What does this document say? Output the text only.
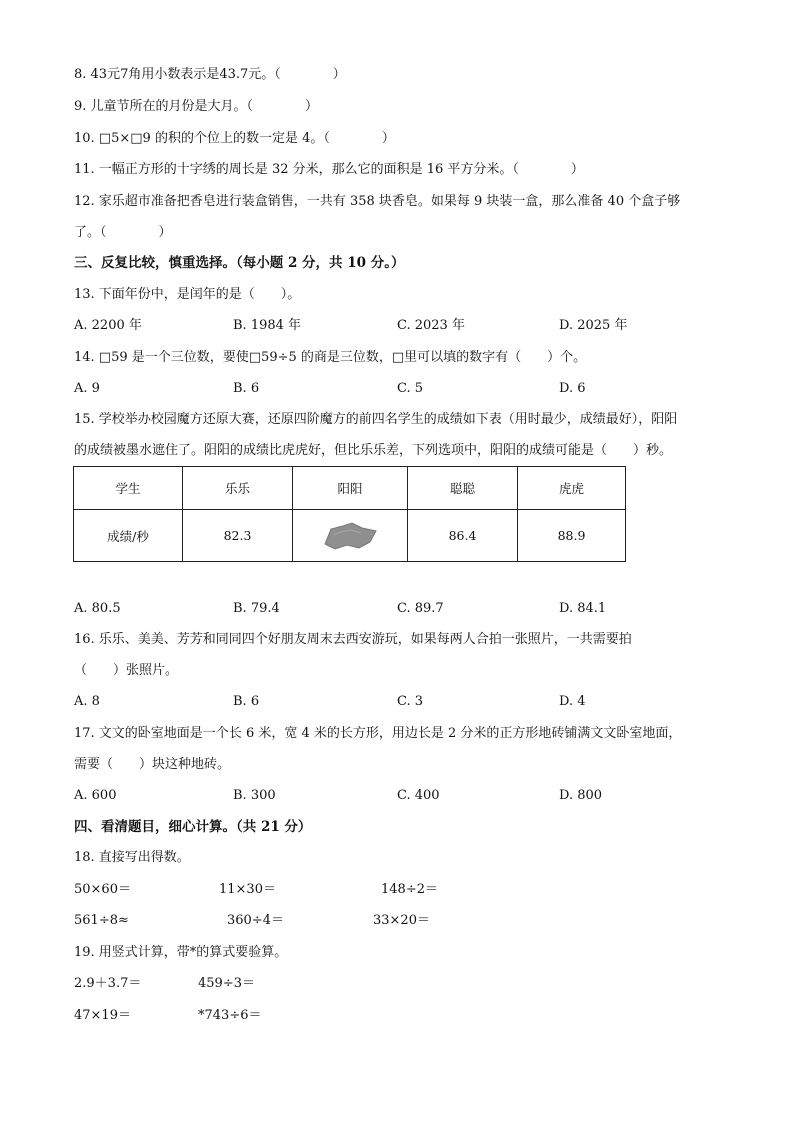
8. 43元7角用小数表示是43.7元。（　　　　）
9. 儿童节所在的月份是大月。（　　　　）
10. □5×□9 的积的个位上的数一定是 4。（　　　　）
11. 一幅正方形的十字绣的周长是 32 分米，那么它的面积是 16 平方分米。（　　　　）
12. 家乐超市准备把香皂进行装盒销售，一共有 358 块香皂。如果每 9 块装一盒，那么准备 40 个盒子够
了。（　　　　）
三、反复比较，慎重选择。（每小题 2 分，共 10 分。）
13. 下面年份中，是闰年的是（　　）。
A. 2200 年	B. 1984 年	C. 2023 年	D. 2025 年
14. □59 是一个三位数，要使□59÷5 的商是三位数，□里可以填的数字有（　　）个。
A. 9	B. 6	C. 5	D. 6
15. 学校举办校园魔方还原大赛，还原四阶魔方的前四名学生的成绩如下表（用时最少，成绩最好），阳阳
的成绩被墨水遮住了。阳阳的成绩比虎虎好，但比乐乐差，下列选项中，阳阳的成绩可能是（　　）秒。
学生	乐乐	阳阳	聪聪	虎虎
成绩/秒	82.3		86.4	88.9
A. 80.5	B. 79.4	C. 89.7	D. 84.1
16. 乐乐、美美、芳芳和同同四个好朋友周末去西安游玩，如果每两人合拍一张照片，一共需要拍
（　　）张照片。
A. 8	B. 6	C. 3	D. 4
17. 文文的卧室地面是一个长 6 米，宽 4 米的长方形，用边长是 2 分米的正方形地砖铺满文文卧室地面，
需要（　　）块这种地砖。
A. 600	B. 300	C. 400	D. 800
四、看清题目，细心计算。（共 21 分）
18. 直接写出得数。
50×60＝	11×30＝	148÷2＝
561÷8≈	360÷4＝	33×20＝
19. 用竖式计算，带*的算式要验算。
2.9＋3.7＝	459÷3＝
47×19＝	*743÷6＝
